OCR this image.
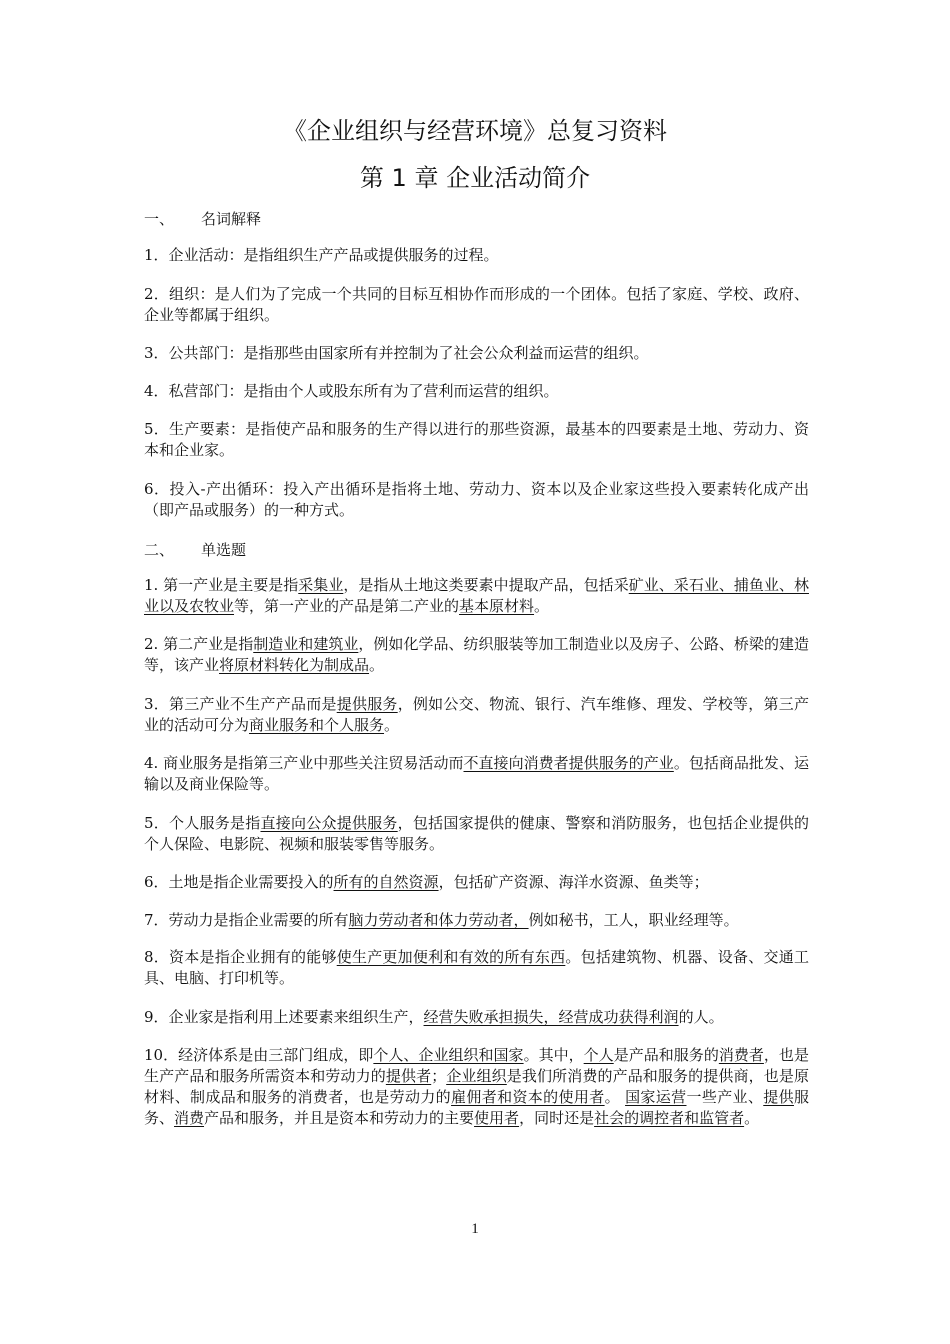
《企业组织与经营环境》总复习资料
第 1 章 企业活动简介
一、 名词解释

1．企业活动：是指组织生产产品或提供服务的过程。

2．组织：是人们为了完成一个共同的目标互相协作而形成的一个团体。包括了家庭、学校、政府、企业等都属于组织。

3．公共部门：是指那些由国家所有并控制为了社会公众利益而运营的组织。

4．私营部门：是指由个人或股东所有为了营利而运营的组织。

5．生产要素：是指使产品和服务的生产得以进行的那些资源，最基本的四要素是土地、劳动力、资本和企业家。

6．投入-产出循环：投入产出循环是指将土地、劳动力、资本以及企业家这些投入要素转化成产出（即产品或服务）的一种方式。

二、 单选题

1. 第一产业是主要是指采集业，是指从土地这类要素中提取产品，包括采矿业、采石业、捕鱼业、林业以及农牧业等，第一产业的产品是第二产业的基本原材料。

2. 第二产业是指制造业和建筑业，例如化学品、纺织服装等加工制造业以及房子、公路、桥梁的建造等，该产业将原材料转化为制成品。

3．第三产业不生产产品而是提供服务，例如公交、物流、银行、汽车维修、理发、学校等，第三产业的活动可分为商业服务和个人服务。

4. 商业服务是指第三产业中那些关注贸易活动而不直接向消费者提供服务的产业。包括商品批发、运输以及商业保险等。

5．个人服务是指直接向公众提供服务，包括国家提供的健康、警察和消防服务，也包括企业提供的个人保险、电影院、视频和服装零售等服务。

6．土地是指企业需要投入的所有的自然资源，包括矿产资源、海洋水资源、鱼类等；

7．劳动力是指企业需要的所有脑力劳动者和体力劳动者，例如秘书，工人，职业经理等。

8．资本是指企业拥有的能够使生产更加便利和有效的所有东西。包括建筑物、机器、设备、交通工具、电脑、打印机等。

9．企业家是指利用上述要素来组织生产，经营失败承担损失，经营成功获得利润的人。

10．经济体系是由三部门组成，即个人、企业组织和国家。其中，个人是产品和服务的消费者，也是生产产品和服务所需资本和劳动力的提供者；企业组织是我们所消费的产品和服务的提供商，也是原材料、制成品和服务的消费者，也是劳动力的雇佣者和资本的使用者。 国家运营一些产业、提供服务、消费产品和服务，并且是资本和劳动力的主要使用者，同时还是社会的调控者和监管者。

1
